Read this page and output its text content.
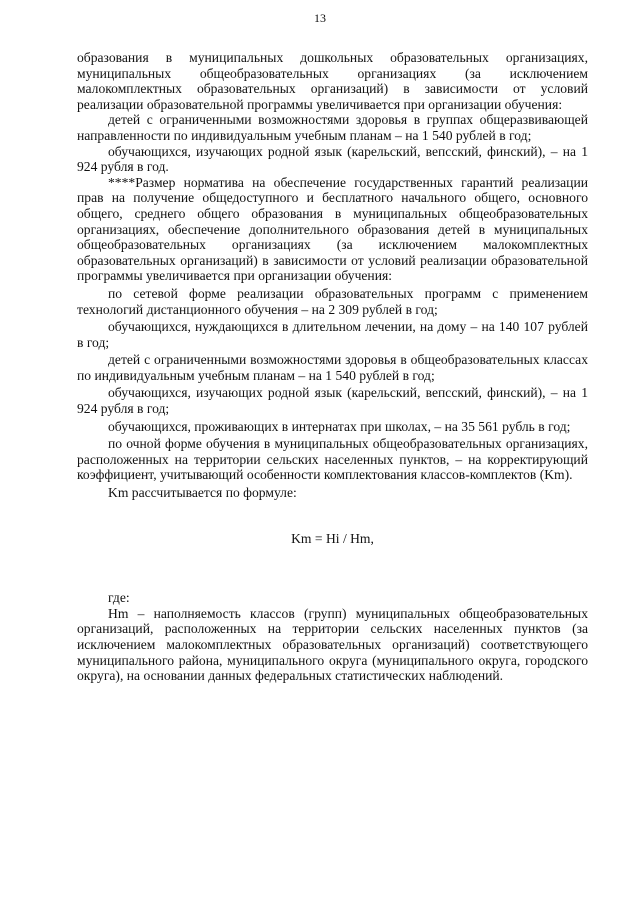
13

образования в муниципальных дошкольных образовательных организациях, муниципальных общеобразовательных организациях (за исключением малокомплектных образовательных организаций) в зависимости от условий реализации образовательной программы увеличивается при организации обучения:

детей с ограниченными возможностями здоровья в группах общеразвивающей направленности по индивидуальным учебным планам – на 1 540 рублей в год;

обучающихся, изучающих родной язык (карельский, вепсский, финский), – на 1 924 рубля в год.

****Размер норматива на обеспечение государственных гарантий реализации прав на получение общедоступного и бесплатного начального общего, основного общего, среднего общего образования в муниципальных общеобразовательных организациях, обеспечение дополнительного образования детей в муниципальных общеобразовательных организациях (за исключением малокомплектных образовательных организаций) в зависимости от условий реализации образовательной программы увеличивается при организации обучения:

по сетевой форме реализации образовательных программ с применением технологий дистанционного обучения – на 2 309 рублей в год;

обучающихся, нуждающихся в длительном лечении, на дому – на 140 107 рублей в год;

детей с ограниченными возможностями здоровья в общеобразовательных классах по индивидуальным учебным планам – на 1 540 рублей в год;

обучающихся, изучающих родной язык (карельский, вепсский, финский), – на 1 924 рубля в год;

обучающихся, проживающих в интернатах при школах, – на 35 561 рубль в год;

по очной форме обучения в муниципальных общеобразовательных организациях, расположенных на территории сельских населенных пунктов, – на корректирующий коэффициент, учитывающий особенности комплектования классов-комплектов (Km).

Km рассчитывается по формуле:

Km = Hi / Hm,

где:

Hm – наполняемость классов (групп) муниципальных общеобразовательных организаций, расположенных на территории сельских населенных пунктов (за исключением малокомплектных образовательных организаций) соответствующего муниципального района, муниципального округа (муниципального округа, городского округа), на основании данных федеральных статистических наблюдений.
